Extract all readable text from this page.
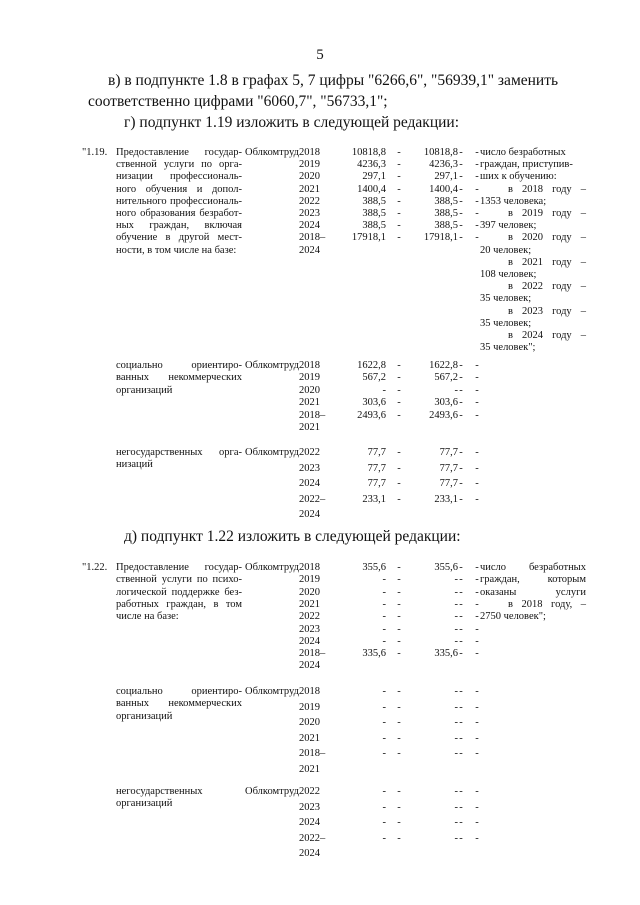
5
в) в подпункте 1.8 в графах 5, 7 цифры "6266,6", "56939,1" заменить
соответственно цифрами "6060,7", "56733,1";
г) подпункт 1.19 изложить в следующей редакции:
"1.19. Предоставление государ-
ственной услуги по орга-
низации профессиональ-
ного обучения и допол-
нительного профессиональ-
ного образования безработ-
ных граждан, включая
обучение в другой мест-
ности, в том числе на базе:
Облкомтруд 2018
2019
2020
2021
2022
2023
2024
2018–
2024
10818,8
4236,3
297,1
1400,4
388,5
388,5
388,5
17918,1
-
-
-
-
-
-
-
-
10818,8
4236,3
297,1
1400,4
388,5
388,5
388,5
17918,1
-
-
-
-
-
-
-
-
-
-
-
-
-
-
-
-
число безработных
граждан, приступив-
ших к обучению:
в 2018 году –
1353 человека;
в 2019 году –
397 человек;
в 2020 году –
20 человек;
в 2021 году –
108 человек;
в 2022 году –
35 человек;
в 2023 году –
35 человек;
в 2024 году –
35 человек";
социально ориентиро-
ванных некоммерческих
организаций
Облкомтруд 2018
2019
2020
2021
2018–
2021
1622,8
567,2
-
303,6
2493,6
-
-
-
-
-
1622,8
567,2
-
303,6
2493,6
-
-
-
-
-
-
-
-
-
-
негосударственных орга-
низаций
Облкомтруд 2022
2023
2024
2022–
2024
77,7
77,7
77,7
233,1
-
-
-
-
77,7
77,7
77,7
233,1
-
-
-
-
-
-
-
-
д) подпункт 1.22 изложить в следующей редакции:
"1.22. Предоставление государ-
ственной услуги по психо-
логической поддержке без-
работных граждан, в том
числе на базе:
Облкомтруд 2018
2019
2020
2021
2022
2023
2024
2018–
2024
355,6
-
-
-
-
-
-
335,6
-
-
-
-
-
-
-
-
355,6
-
-
-
-
-
-
335,6
-
-
-
-
-
-
-
-
-
-
-
-
-
-
-
-
число безработных
граждан, которым
оказаны услуги
в 2018 году, –
2750 человек";
социально ориентиро-
ванных некоммерческих
организаций
Облкомтруд 2018
2019
2020
2021
2018–
2021
-
-
-
-
-
-
-
-
-
-
-
-
-
-
-
-
-
-
-
-
-
-
-
-
-
негосударственных
организаций
Облкомтруд 2022
2023
2024
2022–
2024
-
-
-
-
-
-
-
-
-
-
-
-
-
-
-
-
-
-
-
-
